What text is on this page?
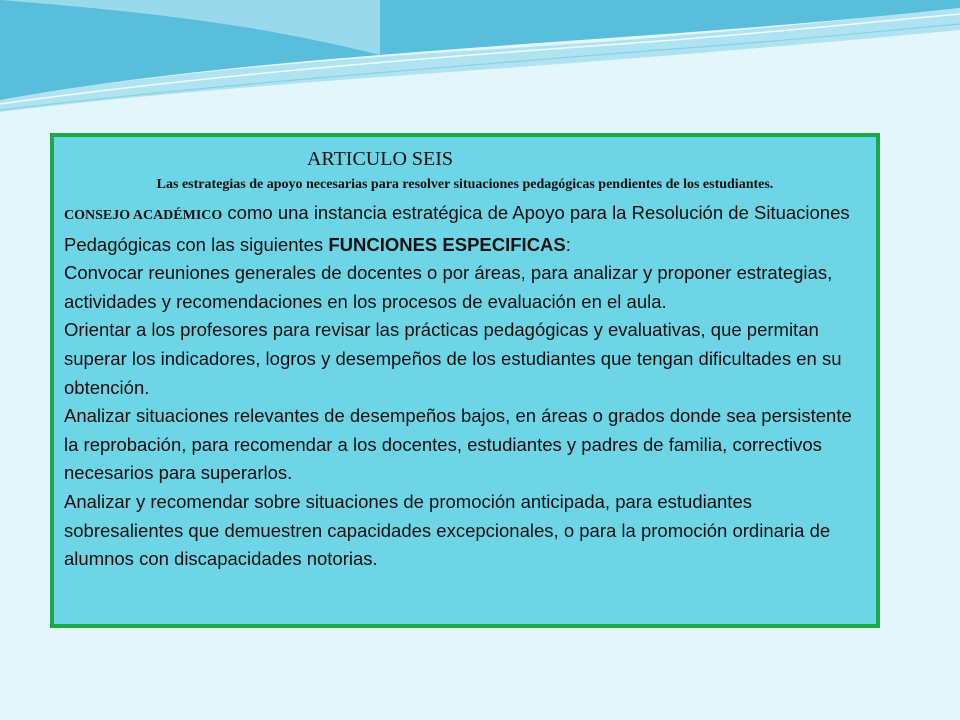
ARTICULO SEIS
Las estrategias de apoyo necesarias para resolver situaciones pedagógicas pendientes de los estudiantes.

CONSEJO ACADÉMICO como una instancia estratégica de Apoyo para la Resolución de Situaciones Pedagógicas con las siguientes FUNCIONES ESPECIFICAS:

Convocar reuniones generales de docentes o por áreas, para analizar y proponer estrategias, actividades y recomendaciones en los procesos de evaluación en el aula.

Orientar a los profesores para revisar las prácticas pedagógicas y evaluativas, que permitan superar los indicadores, logros y desempeños de los estudiantes que tengan dificultades en su obtención.

Analizar situaciones relevantes de desempeños bajos, en áreas o grados donde sea persistente la reprobación, para recomendar a los docentes, estudiantes y padres de familia, correctivos necesarios para superarlos.

Analizar y recomendar sobre situaciones de promoción anticipada, para estudiantes sobresalientes que demuestren capacidades excepcionales, o para la promoción ordinaria de alumnos con discapacidades notorias.
